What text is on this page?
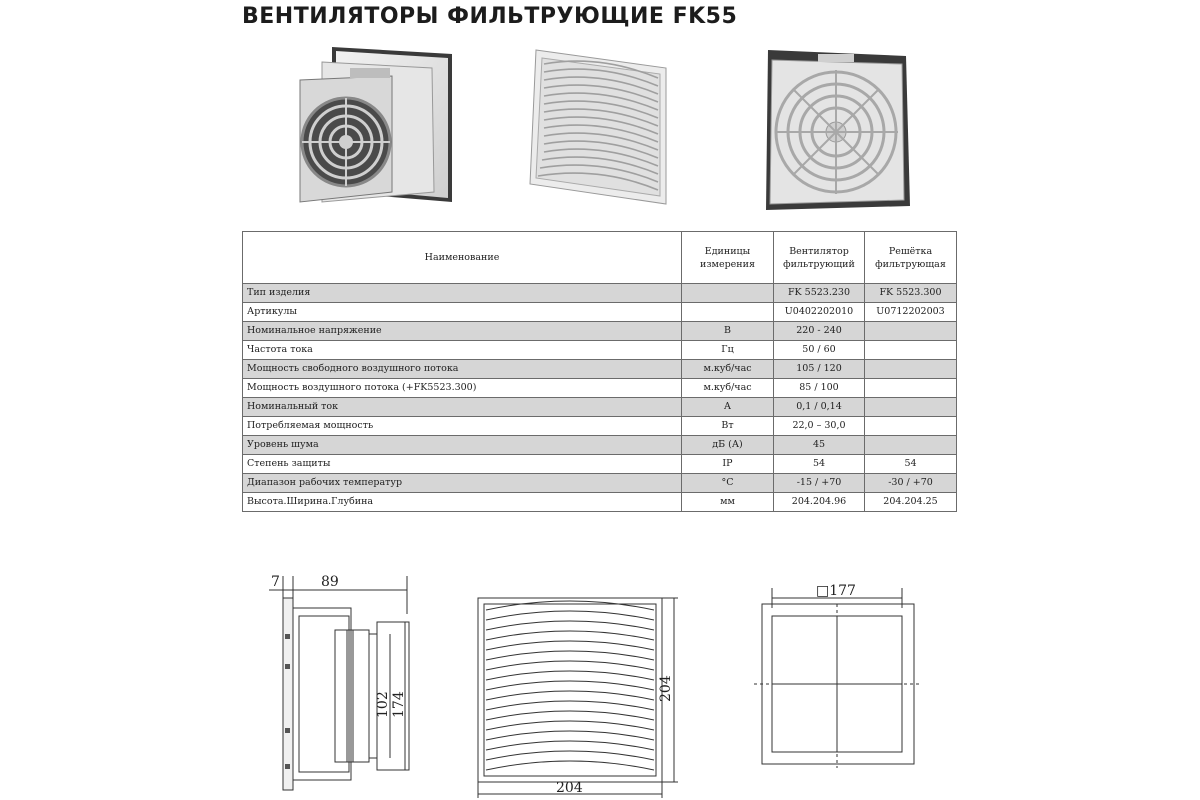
ВЕНТИЛЯТОРЫ ФИЛЬТРУЮЩИЕ FK55
Наименование	Единицы измерения	Вентилятор фильтрующий	Решётка фильтрующая
Тип изделия		FK 5523.230	FK 5523.300
Артикулы		U0402202010	U0712202003
Номинальное напряжение	В	220 - 240	
Частота тока	Гц	50 / 60	
Мощность свободного воздушного потока	м.куб/час	105 / 120	
Мощность воздушного потока (+FK5523.300)	м.куб/час	85 / 100	
Номинальный ток	А	0,1 / 0,14	
Потребляемая мощность	Вт	22,0 – 30,0	
Уровень шума	дБ (А)	45	
Степень защиты	IP	54	54
Диапазон рабочих температур	°С	-15 / +70	-30 / +70
Высота.Ширина.Глубина	мм	204.204.96	204.204.25
7	89
102 174
204
204
□177
